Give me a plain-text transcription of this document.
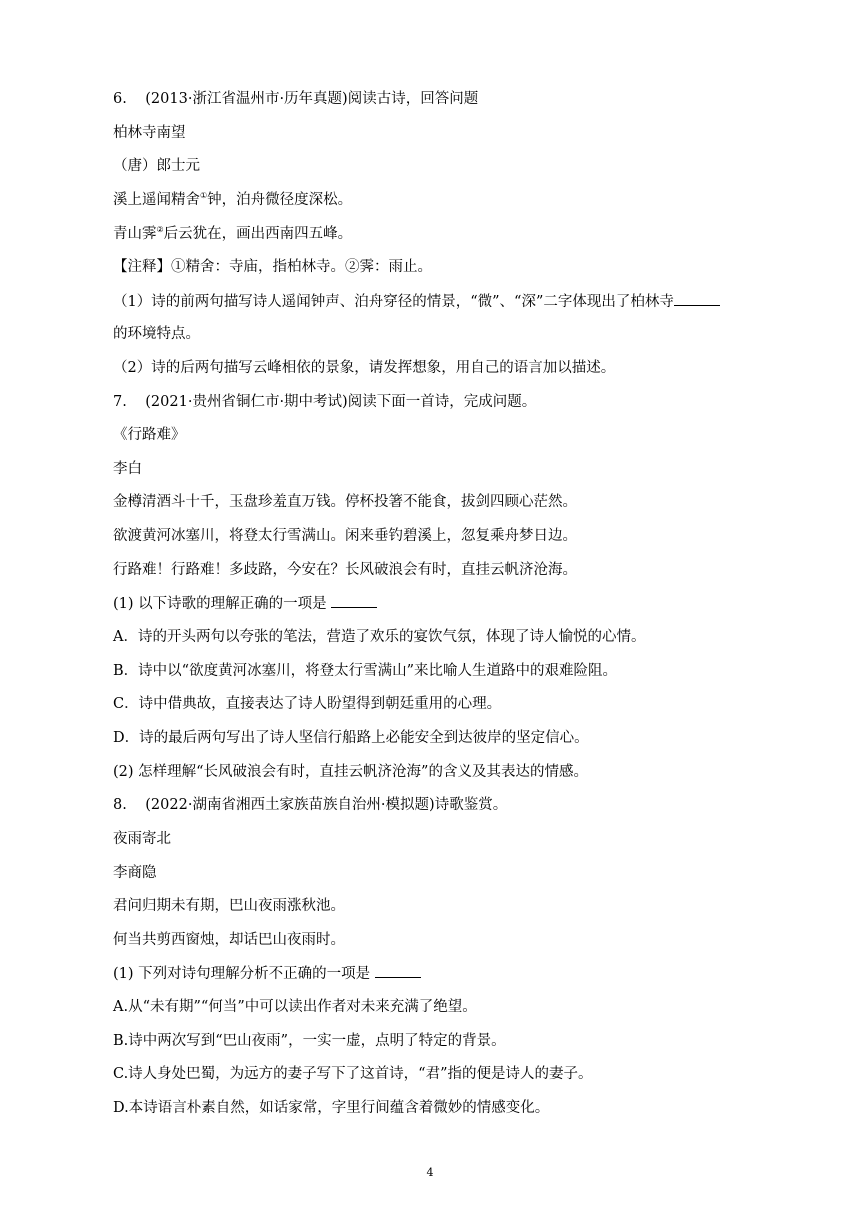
6.    (2013·浙江省温州市·历年真题)阅读古诗，回答问题
柏林寺南望
（唐）郎士元
溪上遥闻精舍①钟，泊舟微径度深松。
青山霁②后云犹在，画出西南四五峰。
【注释】①精舍：寺庙，指柏林寺。②霁：雨止。
（1）诗的前两句描写诗人遥闻钟声、泊舟穿径的情景，“微”、“深”二字体现出了柏林寺
的环境特点。
（2）诗的后两句描写云峰相依的景象，请发挥想象，用自己的语言加以描述。
7.    (2021·贵州省铜仁市·期中考试)阅读下面一首诗，完成问题。
《行路难》
李白
金樽清酒斗十千，玉盘珍羞直万钱。停杯投箸不能食，拔剑四顾心茫然。
欲渡黄河冰塞川，将登太行雪满山。闲来垂钓碧溪上，忽复乘舟梦日边。
行路难！行路难！多歧路，今安在？长风破浪会有时，直挂云帆济沧海。
(1) 以下诗歌的理解正确的一项是
A．诗的开头两句以夸张的笔法，营造了欢乐的宴饮气氛，体现了诗人愉悦的心情。
B．诗中以“欲度黄河冰塞川，将登太行雪满山”来比喻人生道路中的艰难险阻。
C．诗中借典故，直接表达了诗人盼望得到朝廷重用的心理。
D．诗的最后两句写出了诗人坚信行船路上必能安全到达彼岸的坚定信心。
(2) 怎样理解“长风破浪会有时，直挂云帆济沧海”的含义及其表达的情感。
8.    (2022·湖南省湘西土家族苗族自治州·模拟题)诗歌鉴赏。
夜雨寄北
李商隐
君问归期未有期，巴山夜雨涨秋池。
何当共剪西窗烛，却话巴山夜雨时。
(1) 下列对诗句理解分析不正确的一项是
A.从“未有期”“何当”中可以读出作者对未来充满了绝望。
B.诗中两次写到“巴山夜雨”，一实一虚，点明了特定的背景。
C.诗人身处巴蜀，为远方的妻子写下了这首诗，“君”指的便是诗人的妻子。
D.本诗语言朴素自然，如话家常，字里行间蕴含着微妙的情感变化。
4
